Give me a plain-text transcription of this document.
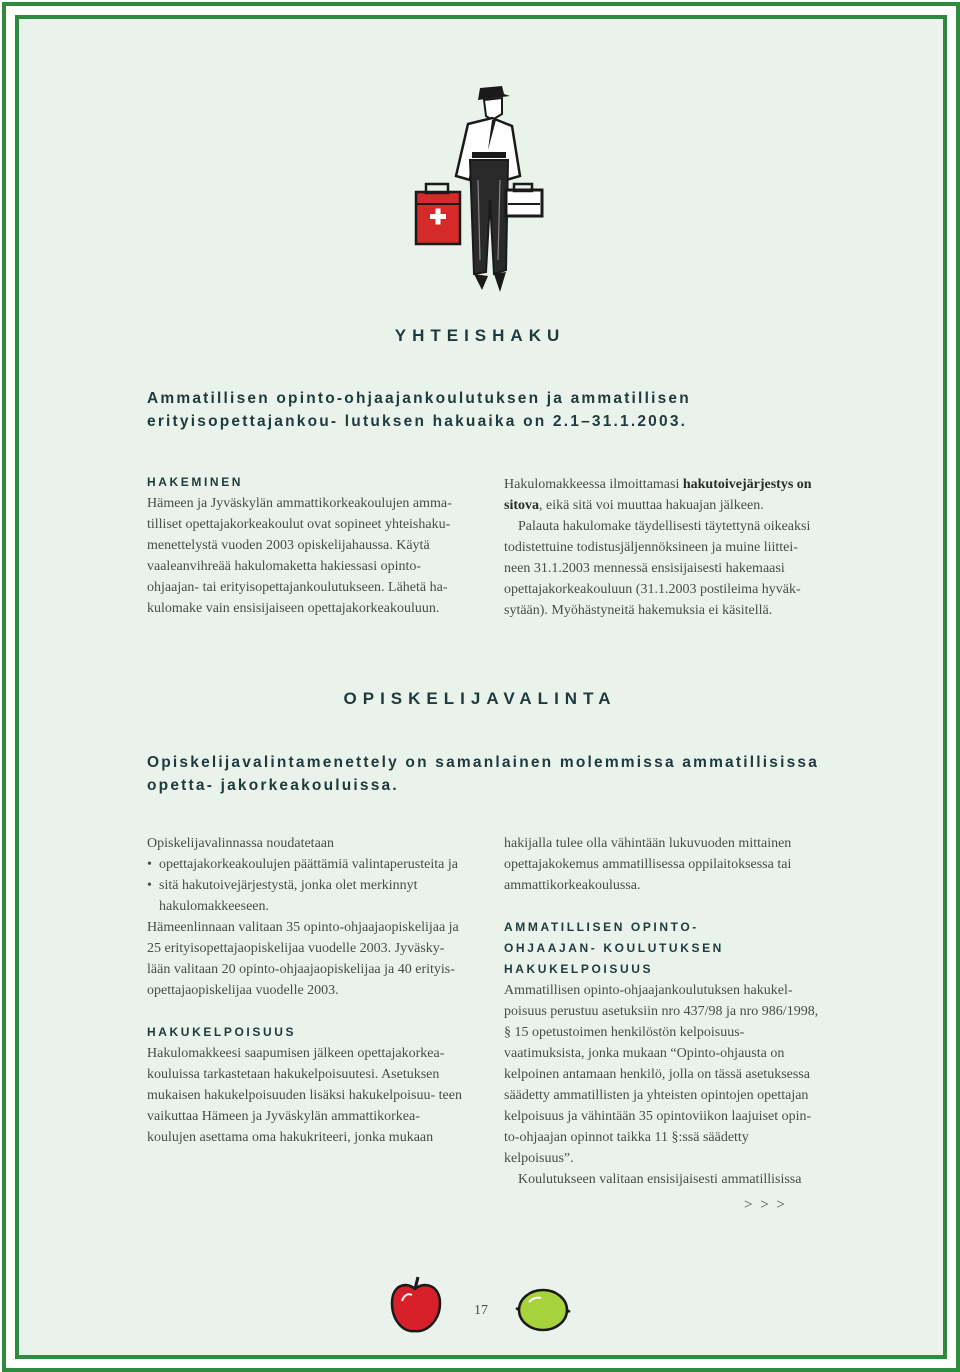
YHTEISHAKU
Ammatillisen opinto-ohjaajankoulutuksen ja ammatillisen erityisopettajankou- lutuksen hakuaika on 2.1–31.1.2003.
HAKEMINEN
Hämeen ja Jyväskylän ammattikorkeakoulujen amma- tilliset opettajakorkeakoulut ovat sopineet yhteishaku- menettelystä vuoden 2003 opiskelijahaussa. Käytä vaaleanvihreää hakulomaketta hakiessasi opinto- ohjaajan- tai erityisopettajankoulutukseen. Lähetä ha- kulomake vain ensisijaiseen opettajakorkeakouluun.
Hakulomakkeessa ilmoittamasi hakutoivejärjestys on sitova, eikä sitä voi muuttaa hakuajan jälkeen.
Palauta hakulomake täydellisesti täytettynä oikeaksi todistettuine todistusjäljennöksineen ja muine liittei- neen 31.1.2003 mennessä ensisijaisesti hakemaasi opettajakorkeakouluun (31.1.2003 postileima hyväk- sytään). Myöhästyneitä hakemuksia ei käsitellä.
OPISKELIJAVALINTA
Opiskelijavalintamenettely on samanlainen molemmissa ammatillisissa opetta- jakorkeakouluissa.
Opiskelijavalinnassa noudatetaan
• opettajakorkeakoulujen päättämiä valintaperusteita ja
• sitä hakutoivejärjestystä, jonka olet merkinnyt hakulomakkeeseen.
Hämeenlinnaan valitaan 35 opinto-ohjaajaopiskelijaa ja 25 erityisopettajaopiskelijaa vuodelle 2003. Jyväsky- lään valitaan 20 opinto-ohjaajaopiskelijaa ja 40 erityis- opettajaopiskelijaa vuodelle 2003.
HAKUKELPOISUUS
Hakulomakkeesi saapumisen jälkeen opettajakorkea- kouluissa tarkastetaan hakukelpoisuutesi. Asetuksen mukaisen hakukelpoisuuden lisäksi hakukelpoisuu- teen vaikuttaa Hämeen ja Jyväskylän ammattikorkea- koulujen asettama oma hakukriteeri, jonka mukaan
hakijalla tulee olla vähintään lukuvuoden mittainen opettajakokemus ammatillisessa oppilaitoksessa tai ammattikorkeakoulussa.
AMMATILLISEN OPINTO-OHJAAJAN- KOULUTUKSEN HAKUKELPOISUUS
Ammatillisen opinto-ohjaajankoulutuksen hakukel- poisuus perustuu asetuksiin nro 437/98 ja nro 986/1998, § 15 opetustoimen henkilöstön kelpoisuus- vaatimuksista, jonka mukaan “Opinto-ohjausta on kelpoinen antamaan henkilö, jolla on tässä asetuksessa säädetty ammatillisten ja yhteisten opintojen opettajan kelpoisuus ja vähintään 35 opintoviikon laajuiset opin- to-ohjaajan opinnot taikka 11 §:ssä säädetty kelpoisuus”.
Koulutukseen valitaan ensisijaisesti ammatillisissa
> > >
17
